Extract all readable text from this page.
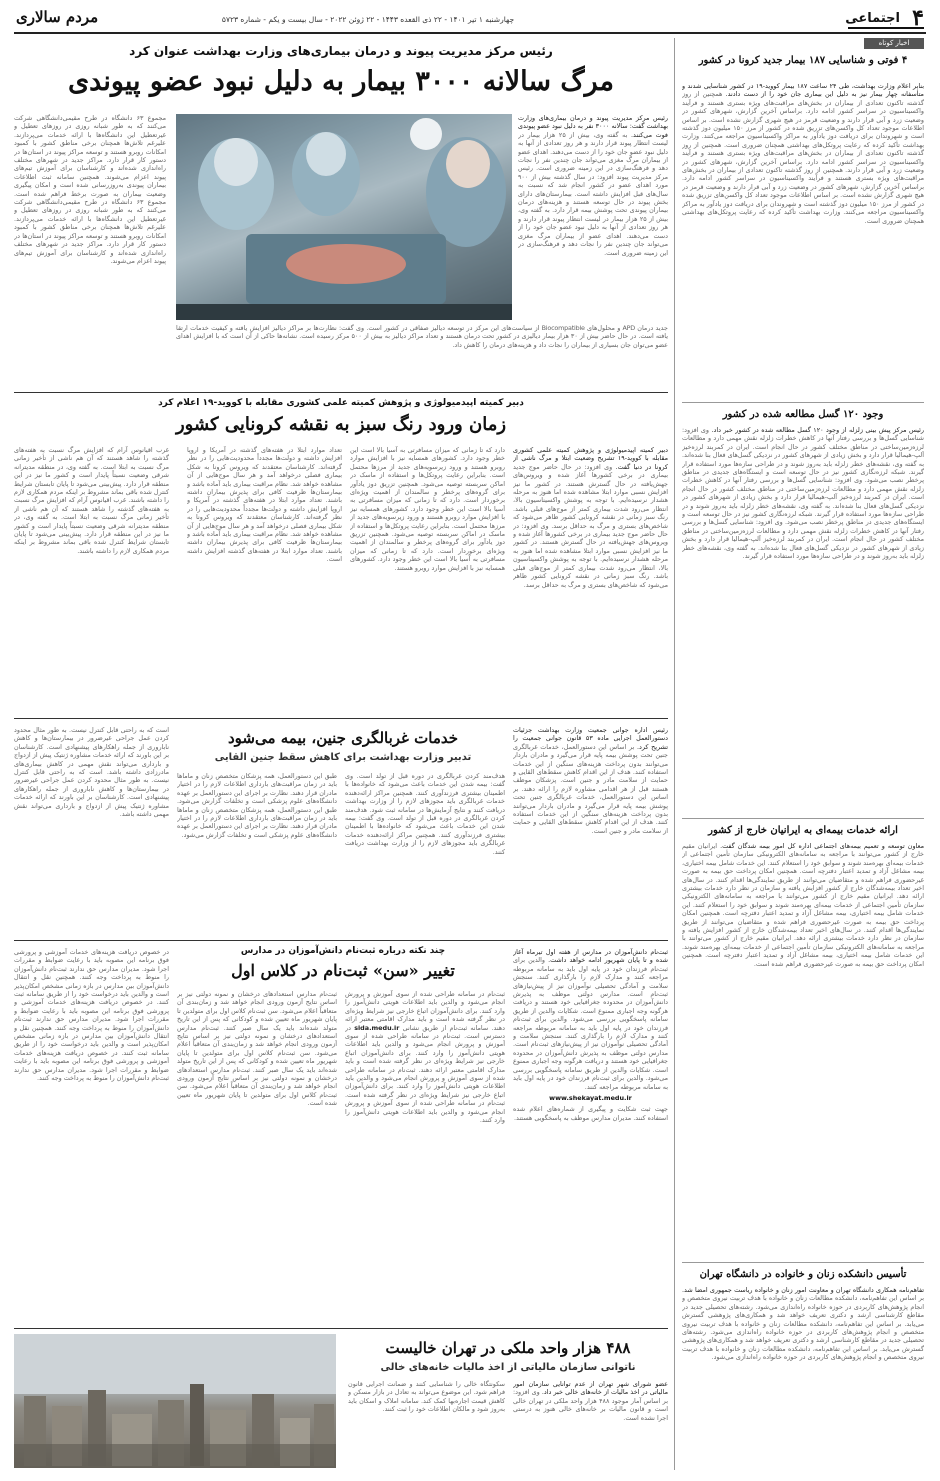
۴
اجتماعی
چهارشنبه ۱ تیر ۱۴۰۱ - ۲۲ ذی القعده ۱۴۴۳ - ۲۲ ژوئن ۲۰۲۲ - سال بیست و یکم - شماره ۵۷۲۳
مردم سالاری
اخبار کوتاه
۴ فوتی و شناسایی ۱۸۷ بیمار جدید کرونا در کشور
بنابر اعلام وزارت بهداشت، طی ۲۴ ساعت ۱۸۷ بیمار کووید-۱۹ در کشور شناسایی شدند و متأسفانه چهار بیمار نیز به دلیل این بیماری جان خود را از دست دادند. همچنین از روز گذشته تاکنون تعدادی از بیماران در بخش‌های مراقبت‌های ویژه بستری هستند و فرآیند واکسیناسیون در سراسر کشور ادامه دارد. براساس آخرین گزارش، شهرهای کشور در وضعیت زرد و آبی قرار دارند و وضعیت قرمز در هیچ شهری گزارش نشده است. بر اساس اطلاعات موجود تعداد کل واکسن‌های تزریق شده در کشور از مرز ۱۵۰ میلیون دوز گذشته است و شهروندان برای دریافت دوز یادآور به مراکز واکسیناسیون مراجعه می‌کنند. وزارت بهداشت تأکید کرده که رعایت پروتکل‌های بهداشتی همچنان ضروری است. همچنین از روز گذشته تاکنون تعدادی از بیماران در بخش‌های مراقبت‌های ویژه بستری هستند و فرآیند واکسیناسیون در سراسر کشور ادامه دارد. براساس آخرین گزارش، شهرهای کشور در وضعیت زرد و آبی قرار دارند. همچنین از روز گذشته تاکنون تعدادی از بیماران در بخش‌های مراقبت‌های ویژه بستری هستند و فرآیند واکسیناسیون در سراسر کشور ادامه دارد. براساس آخرین گزارش، شهرهای کشور در وضعیت زرد و آبی قرار دارند و وضعیت قرمز در هیچ شهری گزارش نشده است. بر اساس اطلاعات موجود تعداد کل واکسن‌های تزریق شده در کشور از مرز ۱۵۰ میلیون دوز گذشته است و شهروندان برای دریافت دوز یادآور به مراکز واکسیناسیون مراجعه می‌کنند. وزارت بهداشت تأکید کرده که رعایت پروتکل‌های بهداشتی همچنان ضروری است.
وجود ۱۲۰ گسل مطالعه شده در کشور
رئیس مرکز پیش بینی زلزله از وجود ۱۲۰ گسل مطالعه شده در کشور خبر داد. وی افزود: شناسایی گسل‌ها و بررسی رفتار آنها در کاهش خطرات زلزله نقش مهمی دارد و مطالعات لرزه‌زمین‌ساختی در مناطق مختلف کشور در حال انجام است. ایران در کمربند لرزه‌خیز آلپ-هیمالیا قرار دارد و بخش زیادی از شهرهای کشور در نزدیکی گسل‌های فعال بنا شده‌اند. به گفته وی، نقشه‌های خطر زلزله باید به‌روز شوند و در طراحی سازه‌ها مورد استفاده قرار گیرند. شبکه لرزه‌نگاری کشور نیز در حال توسعه است و ایستگاه‌های جدیدی در مناطق پرخطر نصب می‌شود. وی افزود: شناسایی گسل‌ها و بررسی رفتار آنها در کاهش خطرات زلزله نقش مهمی دارد و مطالعات لرزه‌زمین‌ساختی در مناطق مختلف کشور در حال انجام است. ایران در کمربند لرزه‌خیز آلپ-هیمالیا قرار دارد و بخش زیادی از شهرهای کشور در نزدیکی گسل‌های فعال بنا شده‌اند. به گفته وی، نقشه‌های خطر زلزله باید به‌روز شوند و در طراحی سازه‌ها مورد استفاده قرار گیرند. شبکه لرزه‌نگاری کشور نیز در حال توسعه است و ایستگاه‌های جدیدی در مناطق پرخطر نصب می‌شود. وی افزود: شناسایی گسل‌ها و بررسی رفتار آنها در کاهش خطرات زلزله نقش مهمی دارد و مطالعات لرزه‌زمین‌ساختی در مناطق مختلف کشور در حال انجام است. ایران در کمربند لرزه‌خیز آلپ-هیمالیا قرار دارد و بخش زیادی از شهرهای کشور در نزدیکی گسل‌های فعال بنا شده‌اند. به گفته وی، نقشه‌های خطر زلزله باید به‌روز شوند و در طراحی سازه‌ها مورد استفاده قرار گیرند.
ارائه خدمات بیمه‌ای به ایرانیان خارج از کشور
معاون توسعه و تعمیم بیمه‌های اجتماعی اداره کل امور بیمه شدگان گفت. ایرانیان مقیم خارج از کشور می‌توانند با مراجعه به سامانه‌های الکترونیکی سازمان تأمین اجتماعی از خدمات بیمه‌ای بهره‌مند شوند و سوابق خود را استعلام کنند. این خدمات شامل بیمه اختیاری، بیمه مشاغل آزاد و تمدید اعتبار دفترچه است. همچنین امکان پرداخت حق بیمه به صورت غیرحضوری فراهم شده و متقاضیان می‌توانند از طریق نمایندگی‌ها اقدام کنند. در سال‌های اخیر تعداد بیمه‌شدگان خارج از کشور افزایش یافته و سازمان در نظر دارد خدمات بیشتری ارائه دهد. ایرانیان مقیم خارج از کشور می‌توانند با مراجعه به سامانه‌های الکترونیکی سازمان تأمین اجتماعی از خدمات بیمه‌ای بهره‌مند شوند و سوابق خود را استعلام کنند. این خدمات شامل بیمه اختیاری، بیمه مشاغل آزاد و تمدید اعتبار دفترچه است. همچنین امکان پرداخت حق بیمه به صورت غیرحضوری فراهم شده و متقاضیان می‌توانند از طریق نمایندگی‌ها اقدام کنند. در سال‌های اخیر تعداد بیمه‌شدگان خارج از کشور افزایش یافته و سازمان در نظر دارد خدمات بیشتری ارائه دهد. ایرانیان مقیم خارج از کشور می‌توانند با مراجعه به سامانه‌های الکترونیکی سازمان تأمین اجتماعی از خدمات بیمه‌ای بهره‌مند شوند. این خدمات شامل بیمه اختیاری، بیمه مشاغل آزاد و تمدید اعتبار دفترچه است. همچنین امکان پرداخت حق بیمه به صورت غیرحضوری فراهم شده است.
تأسیس دانشکده زنان و خانواده در دانشگاه تهران
تفاهم‌نامه همکاری دانشگاه تهران و معاونت امور زنان و خانواده ریاست جمهوری امضا شد. بر اساس این تفاهم‌نامه، دانشکده مطالعات زنان و خانواده با هدف تربیت نیروی متخصص و انجام پژوهش‌های کاربردی در حوزه خانواده راه‌اندازی می‌شود. رشته‌های تحصیلی جدید در مقاطع کارشناسی ارشد و دکتری تعریف خواهد شد و همکاری‌های پژوهشی گسترش می‌یابد. بر اساس این تفاهم‌نامه، دانشکده مطالعات زنان و خانواده با هدف تربیت نیروی متخصص و انجام پژوهش‌های کاربردی در حوزه خانواده راه‌اندازی می‌شود. رشته‌های تحصیلی جدید در مقاطع کارشناسی ارشد و دکتری تعریف خواهد شد و همکاری‌های پژوهشی گسترش می‌یابد. بر اساس این تفاهم‌نامه، دانشکده مطالعات زنان و خانواده با هدف تربیت نیروی متخصص و انجام پژوهش‌های کاربردی در حوزه خانواده راه‌اندازی می‌شود.
رئیس مرکز مدیریت پیوند و درمان بیماری‌های وزارت بهداشت عنوان کرد
مرگ سالانه ۳۰۰۰ بیمار به دلیل نبود عضو پیوندی
رئیس مرکز مدیریت پیوند و درمان بیماری‌های وزارت بهداشت گفت: سالانه ۳۰۰۰ نفر به دلیل نبود عضو پیوندی فوت می‌کنند. به گفته وی، بیش از ۲۵ هزار بیمار در لیست انتظار پیوند قرار دارند و هر روز تعدادی از آنها به دلیل نبود عضو جان خود را از دست می‌دهند. اهدای عضو از بیماران مرگ مغزی می‌تواند جان چندین نفر را نجات دهد و فرهنگ‌سازی در این زمینه ضروری است. رئیس مرکز مدیریت پیوند افزود: در سال گذشته بیش از ۹۰۰ مورد اهدای عضو در کشور انجام شد که نسبت به سال‌های قبل افزایش داشته است. بیمارستان‌های دارای بخش پیوند در حال توسعه هستند و هزینه‌های درمان بیماران پیوندی تحت پوشش بیمه قرار دارد. به گفته وی، بیش از ۲۵ هزار بیمار در لیست انتظار پیوند قرار دارند و هر روز تعدادی از آنها به دلیل نبود عضو جان خود را از دست می‌دهند. اهدای عضو از بیماران مرگ مغزی می‌تواند جان چندین نفر را نجات دهد و فرهنگ‌سازی در این زمینه ضروری است.
مجموع ۶۳ دانشگاه در طرح مقیمی‌دانشگاهی شرکت می‌کنند که به طور شبانه روزی در روزهای تعطیل و غیرتعطیل این دانشگاه‌ها با ارائه خدمات می‌پردازند. علیرغم تلاش‌ها همچنان برخی مناطق کشور با کمبود امکانات روبرو هستند و توسعه مراکز پیوند در استان‌ها در دستور کار قرار دارد. مراکز جدید در شهرهای مختلف راه‌اندازی شده‌اند و کارشناسان برای آموزش تیم‌های پیوند اعزام می‌شوند. همچنین سامانه ثبت اطلاعات بیماران پیوندی به‌روزرسانی شده است و امکان پیگیری وضعیت بیماران به صورت برخط فراهم شده است. مجموع ۶۳ دانشگاه در طرح مقیمی‌دانشگاهی شرکت می‌کنند که به طور شبانه روزی در روزهای تعطیل و غیرتعطیل این دانشگاه‌ها با ارائه خدمات می‌پردازند. علیرغم تلاش‌ها همچنان برخی مناطق کشور با کمبود امکانات روبرو هستند و توسعه مراکز پیوند در استان‌ها در دستور کار قرار دارد. مراکز جدید در شهرهای مختلف راه‌اندازی شده‌اند و کارشناسان برای آموزش تیم‌های پیوند اعزام می‌شوند.
جدید درمان APD و محلول‌های Biocompatible از سیاست‌های این مرکز در توسعه دیالیز صفاقی در کشور است. وی گفت: نظارت‌ها بر مراکز دیالیز افزایش یافته و کیفیت خدمات ارتقا یافته است. در حال حاضر بیش از ۳۰ هزار بیمار دیالیزی در کشور تحت درمان هستند و تعداد مراکز دیالیز به بیش از ۵۰۰ مرکز رسیده است. نشانه‌ها حاکی از آن است که با افزایش اهدای عضو می‌توان جان بسیاری از بیماران را نجات داد و هزینه‌های درمان را کاهش داد.
دبیر کمیته اپیدمیولوژی و پژوهش کمیته علمی کشوری مقابله با کووید-۱۹ اعلام کرد
زمان ورود رنگ سبز به نقشه کرونایی کشور
دبیر کمیته اپیدمیولوژی و پژوهش کمیته علمی کشوری مقابله با کووید-۱۹ تشریح وضعیت ابتلا و مرگ ناشی از کرونا در دنیا گفت. وی افزود: در حال حاضر موج جدید بیماری در برخی کشورها آغاز شده و ویروس‌های جهش‌یافته در حال گسترش هستند. در کشور ما نیز افزایش نسبی موارد ابتلا مشاهده شده اما هنوز به مرحله هشدار نرسیده‌ایم. با توجه به پوشش واکسیناسیون بالا، انتظار می‌رود شدت بیماری کمتر از موج‌های قبلی باشد. رنگ سبز زمانی در نقشه کرونایی کشور ظاهر می‌شود که شاخص‌های بستری و مرگ به حداقل برسد. وی افزود: در حال حاضر موج جدید بیماری در برخی کشورها آغاز شده و ویروس‌های جهش‌یافته در حال گسترش هستند. در کشور ما نیز افزایش نسبی موارد ابتلا مشاهده شده اما هنوز به مرحله هشدار نرسیده‌ایم. با توجه به پوشش واکسیناسیون بالا، انتظار می‌رود شدت بیماری کمتر از موج‌های قبلی باشد. رنگ سبز زمانی در نقشه کرونایی کشور ظاهر می‌شود که شاخص‌های بستری و مرگ به حداقل برسد.
دارد که تا زمانی که میزان مسافرتی به آسیا بالا است این خطر وجود دارد. کشورهای همسایه نیز با افزایش موارد روبرو هستند و ورود زیرسویه‌های جدید از مرزها محتمل است. بنابراین رعایت پروتکل‌ها و استفاده از ماسک در اماکن سربسته توصیه می‌شود. همچنین تزریق دوز یادآور برای گروه‌های پرخطر و سالمندان از اهمیت ویژه‌ای برخوردار است. دارد که تا زمانی که میزان مسافرتی به آسیا بالا است این خطر وجود دارد. کشورهای همسایه نیز با افزایش موارد روبرو هستند و ورود زیرسویه‌های جدید از مرزها محتمل است. بنابراین رعایت پروتکل‌ها و استفاده از ماسک در اماکن سربسته توصیه می‌شود. همچنین تزریق دوز یادآور برای گروه‌های پرخطر و سالمندان از اهمیت ویژه‌ای برخوردار است. دارد که تا زمانی که میزان مسافرتی به آسیا بالا است این خطر وجود دارد. کشورهای همسایه نیز با افزایش موارد روبرو هستند.
تعداد موارد ابتلا در هفته‌های گذشته در آمریکا و اروپا افزایش داشته و دولت‌ها مجدداً محدودیت‌هایی را در نظر گرفته‌اند. کارشناسان معتقدند که ویروس کرونا به شکل بیماری فصلی درخواهد آمد و هر سال موج‌هایی از آن مشاهده خواهد شد. نظام مراقبت بیماری باید آماده باشد و بیمارستان‌ها ظرفیت کافی برای پذیرش بیماران داشته باشند. تعداد موارد ابتلا در هفته‌های گذشته در آمریکا و اروپا افزایش داشته و دولت‌ها مجدداً محدودیت‌هایی را در نظر گرفته‌اند. کارشناسان معتقدند که ویروس کرونا به شکل بیماری فصلی درخواهد آمد و هر سال موج‌هایی از آن مشاهده خواهد شد. نظام مراقبت بیماری باید آماده باشد و بیمارستان‌ها ظرفیت کافی برای پذیرش بیماران داشته باشند. تعداد موارد ابتلا در هفته‌های گذشته افزایش داشته است.
غرب اقیانوس آرام که افزایش مرگ نسبت به هفته‌های گذشته را شاهد هستند که آن هم ناشی از تأخیر زمانی مرگ نسبت به ابتلا است. به گفته وی، در منطقه مدیترانه شرقی وضعیت نسبتاً پایدار است و کشور ما نیز در این منطقه قرار دارد. پیش‌بینی می‌شود تا پایان تابستان شرایط کنترل شده باقی بماند مشروط بر اینکه مردم همکاری لازم را داشته باشند. غرب اقیانوس آرام که افزایش مرگ نسبت به هفته‌های گذشته را شاهد هستند که آن هم ناشی از تأخیر زمانی مرگ نسبت به ابتلا است. به گفته وی، در منطقه مدیترانه شرقی وضعیت نسبتاً پایدار است و کشور ما نیز در این منطقه قرار دارد. پیش‌بینی می‌شود تا پایان تابستان شرایط کنترل شده باقی بماند مشروط بر اینکه مردم همکاری لازم را داشته باشند.
خدمات غربالگری جنین، بیمه می‌شود
تدبیر وزارت بهداشت برای کاهش سقط جنین القایی
رئیس اداره جوانی جمعیت وزارت بهداشت جزئیات دستورالعمل اجرایی ماده ۵۳ قانون جوانی جمعیت را تشریح کرد. بر اساس این دستورالعمل، خدمات غربالگری جنین تحت پوشش بیمه پایه قرار می‌گیرد و مادران باردار می‌توانند بدون پرداخت هزینه‌های سنگین از این خدمات استفاده کنند. هدف از این اقدام کاهش سقط‌های القایی و حمایت از سلامت مادر و جنین است. پزشکان موظف هستند قبل از هر اقدامی مشاوره لازم را ارائه دهند. بر اساس این دستورالعمل، خدمات غربالگری جنین تحت پوشش بیمه پایه قرار می‌گیرد و مادران باردار می‌توانند بدون پرداخت هزینه‌های سنگین از این خدمات استفاده کنند. هدف از این اقدام کاهش سقط‌های القایی و حمایت از سلامت مادر و جنین است.
هدف‌مند کردن غربالگری در دوره قبل از تولد است. وی گفت: بیمه شدن این خدمات باعث می‌شود که خانواده‌ها با اطمینان بیشتری فرزندآوری کنند. همچنین مراکز ارائه‌دهنده خدمات غربالگری باید مجوزهای لازم را از وزارت بهداشت دریافت کنند و نتایج آزمایش‌ها در سامانه ثبت شود. هدف‌مند کردن غربالگری در دوره قبل از تولد است. وی گفت: بیمه شدن این خدمات باعث می‌شود که خانواده‌ها با اطمینان بیشتری فرزندآوری کنند. همچنین مراکز ارائه‌دهنده خدمات غربالگری باید مجوزهای لازم را از وزارت بهداشت دریافت کنند.
طبق این دستورالعمل، همه پزشکان متخصص زنان و ماماها باید در زمان مراقبت‌های بارداری اطلاعات لازم را در اختیار مادران قرار دهند. نظارت بر اجرای این دستورالعمل بر عهده دانشگاه‌های علوم پزشکی است و تخلفات گزارش می‌شود. طبق این دستورالعمل، همه پزشکان متخصص زنان و ماماها باید در زمان مراقبت‌های بارداری اطلاعات لازم را در اختیار مادران قرار دهند. نظارت بر اجرای این دستورالعمل بر عهده دانشگاه‌های علوم پزشکی است و تخلفات گزارش می‌شود.
است که به راحتی قابل کنترل نیست. به طور مثال محدود کردن عمل جراحی غیرضرور در بیمارستان‌ها و کاهش ناباروری از جمله راهکارهای پیشنهادی است. کارشناسان بر این باورند که ارائه خدمات مشاوره ژنتیک پیش از ازدواج و بارداری می‌تواند نقش مهمی در کاهش بیماری‌های مادرزادی داشته باشد. است که به راحتی قابل کنترل نیست. به طور مثال محدود کردن عمل جراحی غیرضرور در بیمارستان‌ها و کاهش ناباروری از جمله راهکارهای پیشنهادی است. کارشناسان بر این باورند که ارائه خدمات مشاوره ژنتیک پیش از ازدواج و بارداری می‌تواند نقش مهمی داشته باشد.
چند نکته درباره ثبت‌نام دانش‌آموزان در مدارس
تغییر «سن» ثبت‌نام در کلاس اول
ثبت‌نام دانش‌آموزان در مدارس از هفته اول تیرماه آغاز شده و تا پایان شهریور ادامه خواهد داشت. والدین برای ثبت‌نام فرزندان خود در پایه اول باید به سامانه مربوطه مراجعه کنند و مدارک لازم را بارگذاری کنند. سنجش سلامت و آمادگی تحصیلی نوآموزان نیز از پیش‌نیازهای ثبت‌نام است. مدارس دولتی موظف به پذیرش دانش‌آموزان در محدوده جغرافیایی خود هستند و دریافت هرگونه وجه اجباری ممنوع است. شکایات والدین از طریق سامانه پاسخگویی بررسی می‌شود. والدین برای ثبت‌نام فرزندان خود در پایه اول باید به سامانه مربوطه مراجعه کنند و مدارک لازم را بارگذاری کنند. سنجش سلامت و آمادگی تحصیلی نوآموزان نیز از پیش‌نیازهای ثبت‌نام است. مدارس دولتی موظف به پذیرش دانش‌آموزان در محدوده جغرافیایی خود هستند و دریافت هرگونه وجه اجباری ممنوع است. شکایات والدین از طریق سامانه پاسخگویی بررسی می‌شود. والدین برای ثبت‌نام فرزندان خود در پایه اول باید به سامانه مربوطه مراجعه کنند.
www.shekayat.medu.ir
جهت ثبت شکایت و پیگیری از شماره‌های اعلام شده استفاده کنند. مدیران مدارس موظف به پاسخگویی هستند.
ثبت‌نام در سامانه طراحی شده از سوی آموزش و پرورش انجام می‌شود و والدین باید اطلاعات هویتی دانش‌آموز را وارد کنند. برای دانش‌آموزان اتباع خارجی نیز شرایط ویژه‌ای در نظر گرفته شده است و باید مدارک اقامتی معتبر ارائه دهند. سامانه ثبت‌نام از طریق نشانی sida.medu.ir در دسترس است. ثبت‌نام در سامانه طراحی شده از سوی آموزش و پرورش انجام می‌شود و والدین باید اطلاعات هویتی دانش‌آموز را وارد کنند. برای دانش‌آموزان اتباع خارجی نیز شرایط ویژه‌ای در نظر گرفته شده است و باید مدارک اقامتی معتبر ارائه دهند. ثبت‌نام در سامانه طراحی شده از سوی آموزش و پرورش انجام می‌شود و والدین باید اطلاعات هویتی دانش‌آموز را وارد کنند. برای دانش‌آموزان اتباع خارجی نیز شرایط ویژه‌ای در نظر گرفته شده است. ثبت‌نام در سامانه طراحی شده از سوی آموزش و پرورش انجام می‌شود و والدین باید اطلاعات هویتی دانش‌آموز را وارد کنند.
ثبت‌نام مدارس استعدادهای درخشان و نمونه دولتی نیز بر اساس نتایج آزمون ورودی انجام خواهد شد و زمان‌بندی آن متعاقباً اعلام می‌شود. سن ثبت‌نام کلاس اول برای متولدین تا پایان شهریور ماه تعیین شده و کودکانی که پس از این تاریخ متولد شده‌اند باید یک سال صبر کنند. ثبت‌نام مدارس استعدادهای درخشان و نمونه دولتی نیز بر اساس نتایج آزمون ورودی انجام خواهد شد و زمان‌بندی آن متعاقباً اعلام می‌شود. سن ثبت‌نام کلاس اول برای متولدین تا پایان شهریور ماه تعیین شده و کودکانی که پس از این تاریخ متولد شده‌اند باید یک سال صبر کنند. ثبت‌نام مدارس استعدادهای درخشان و نمونه دولتی نیز بر اساس نتایج آزمون ورودی انجام خواهد شد و زمان‌بندی آن متعاقباً اعلام می‌شود. سن ثبت‌نام کلاس اول برای متولدین تا پایان شهریور ماه تعیین شده است.
در خصوص دریافت هزینه‌های خدمات آموزشی و پرورشی فوق برنامه این مصوبه باید با رعایت ضوابط و مقررات اجرا شود. مدیران مدارس حق ندارند ثبت‌نام دانش‌آموزان را منوط به پرداخت وجه کنند. همچنین نقل و انتقال دانش‌آموزان بین مدارس در بازه زمانی مشخص امکان‌پذیر است و والدین باید درخواست خود را از طریق سامانه ثبت کنند. در خصوص دریافت هزینه‌های خدمات آموزشی و پرورشی فوق برنامه این مصوبه باید با رعایت ضوابط و مقررات اجرا شود. مدیران مدارس حق ندارند ثبت‌نام دانش‌آموزان را منوط به پرداخت وجه کنند. همچنین نقل و انتقال دانش‌آموزان بین مدارس در بازه زمانی مشخص امکان‌پذیر است و والدین باید درخواست خود را از طریق سامانه ثبت کنند. در خصوص دریافت هزینه‌های خدمات آموزشی و پرورشی فوق برنامه این مصوبه باید با رعایت ضوابط و مقررات اجرا شود. مدیران مدارس حق ندارند ثبت‌نام دانش‌آموزان را منوط به پرداخت وجه کنند.
۴۸۸ هزار واحد ملکی در تهران خالیست
ناتوانی سازمان مالیاتی از اخذ مالیات خانه‌های خالی
عضو شورای شهر تهران از عدم توانایی سازمان امور مالیاتی در اخذ مالیات از خانه‌های خالی خبر داد. وی افزود: بر اساس آمار موجود ۴۸۸ هزار واحد ملکی در تهران خالی است و قانون مالیات بر خانه‌های خالی هنوز به درستی اجرا نشده است.
سکونتگاه خالی را شناسایی کنند و ضمانت اجرایی قانون فراهم شود. این موضوع می‌تواند به تعادل در بازار مسکن و کاهش قیمت اجاره‌بها کمک کند. سامانه املاک و اسکان باید به‌روز شود و مالکان اطلاعات خود را ثبت کنند.
